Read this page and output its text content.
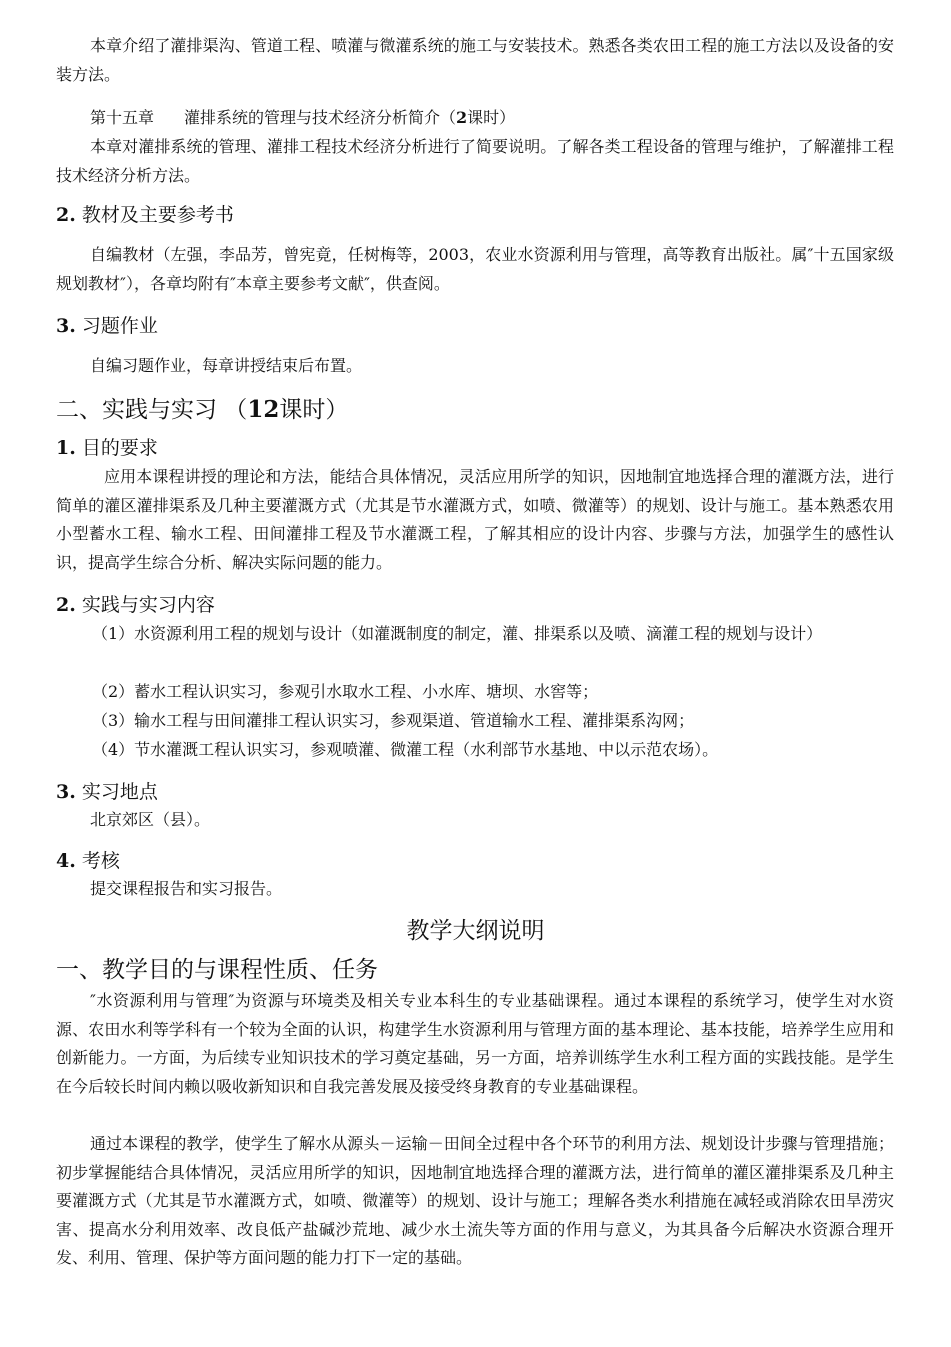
本章介绍了灌排渠沟、管道工程、喷灌与微灌系统的施工与安装技术。熟悉各类农田工程的施工方法以及设备的安装方法。

第十五章 灌排系统的管理与技术经济分析简介（2课时）

本章对灌排系统的管理、灌排工程技术经济分析进行了简要说明。了解各类工程设备的管理与维护，了解灌排工程技术经济分析方法。

2. 教材及主要参考书

自编教材（左强，李品芳，曾宪竟，任树梅等，2003，农业水资源利用与管理，高等教育出版社。属″十五国家级规划教材″），各章均附有″本章主要参考文献″，供查阅。

3. 习题作业

自编习题作业，每章讲授结束后布置。

二、实践与实习 （12课时）
1. 目的要求

应用本课程讲授的理论和方法，能结合具体情况，灵活应用所学的知识，因地制宜地选择合理的灌溉方法，进行简单的灌区灌排渠系及几种主要灌溉方式（尤其是节水灌溉方式，如喷、微灌等）的规划、设计与施工。基本熟悉农用小型蓄水工程、输水工程、田间灌排工程及节水灌溉工程，了解其相应的设计内容、步骤与方法，加强学生的感性认识，提高学生综合分析、解决实际问题的能力。

2. 实践与实习内容

（1）水资源利用工程的规划与设计（如灌溉制度的制定，灌、排渠系以及喷、滴灌工程的规划与设计）

（2）蓄水工程认识实习，参观引水取水工程、小水库、塘坝、水窖等；

（3）输水工程与田间灌排工程认识实习，参观渠道、管道输水工程、灌排渠系沟网；

（4）节水灌溉工程认识实习，参观喷灌、微灌工程（水利部节水基地、中以示范农场）。

3. 实习地点

北京郊区（县）。

4. 考核

提交课程报告和实习报告。

教学大纲说明
一、教学目的与课程性质、任务

″水资源利用与管理″为资源与环境类及相关专业本科生的专业基础课程。通过本课程的系统学习，使学生对水资源、农田水利等学科有一个较为全面的认识，构建学生水资源利用与管理方面的基本理论、基本技能，培养学生应用和创新能力。一方面，为后续专业知识技术的学习奠定基础，另一方面，培养训练学生水利工程方面的实践技能。是学生在今后较长时间内赖以吸收新知识和自我完善发展及接受终身教育的专业基础课程。

通过本课程的教学，使学生了解水从源头－运输－田间全过程中各个环节的利用方法、规划设计步骤与管理措施；初步掌握能结合具体情况，灵活应用所学的知识，因地制宜地选择合理的灌溉方法，进行简单的灌区灌排渠系及几种主要灌溉方式（尤其是节水灌溉方式，如喷、微灌等）的规划、设计与施工；理解各类水利措施在减轻或消除农田旱涝灾害、提高水分利用效率、改良低产盐碱沙荒地、减少水土流失等方面的作用与意义，为其具备今后解决水资源合理开发、利用、管理、保护等方面问题的能力打下一定的基础。
